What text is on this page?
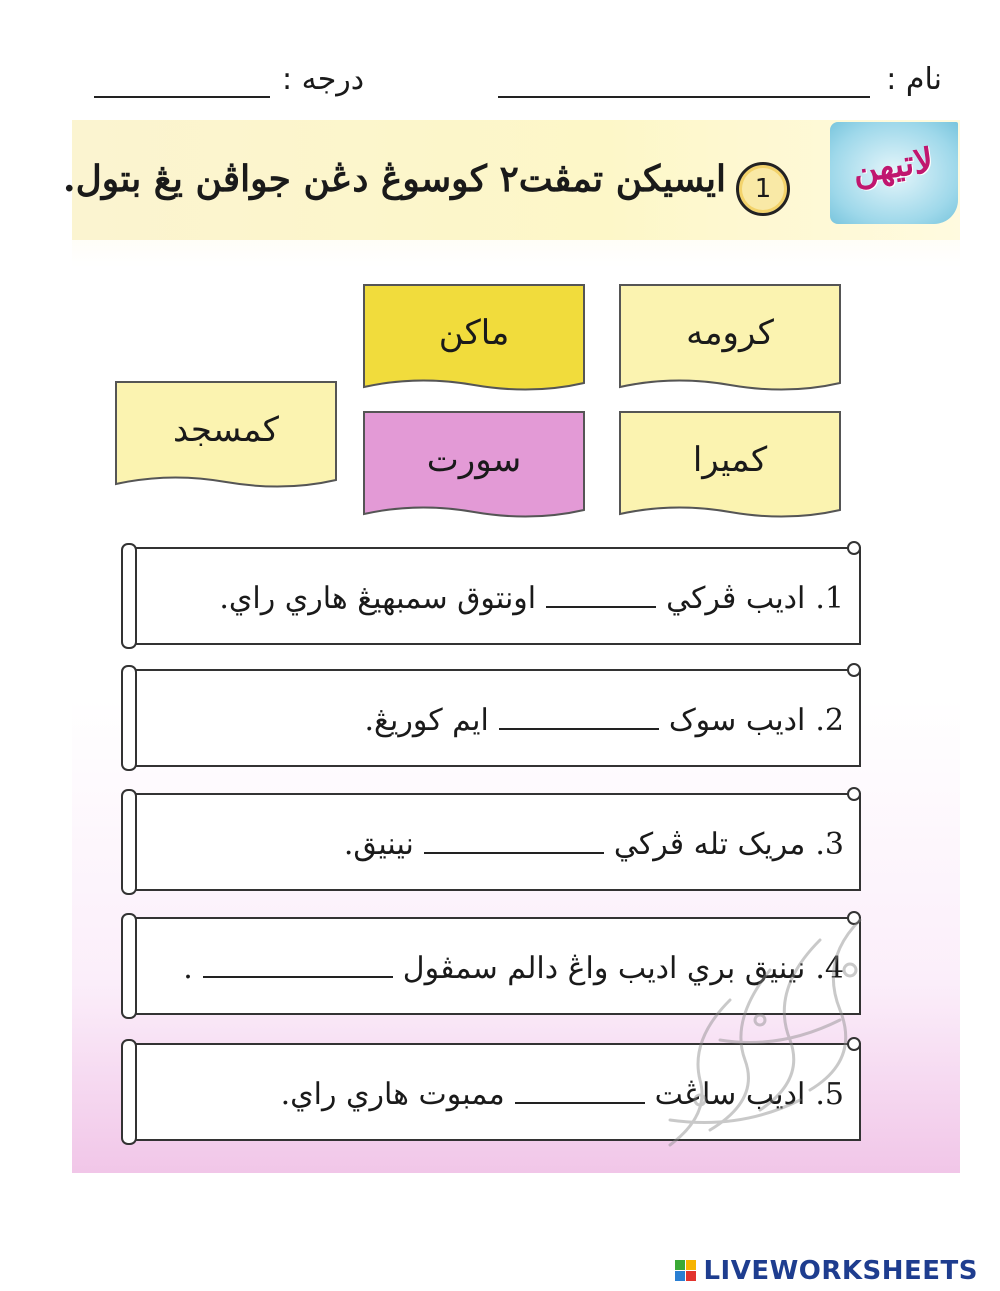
نام :
درجه :
لاتيهن
1
ايسيکن تمڤت٢ کوسوڠ دڠن جواڤن يڠ بتول.
کرومه
ماکن
کمسجد
کميرا
سورت
1.
اديب ڤرکي
اونتوق سمبهيڠ هاري راي.
2.
اديب سوک
ايم کوريڠ.
3.
مريک تله ڤرکي
نينيق.
4.
نينيق بري اديب واڠ دالم سمڤول
.
5.
اديب ساڠت
ممبوت هاري راي.
LIVEWORKSHEETS
